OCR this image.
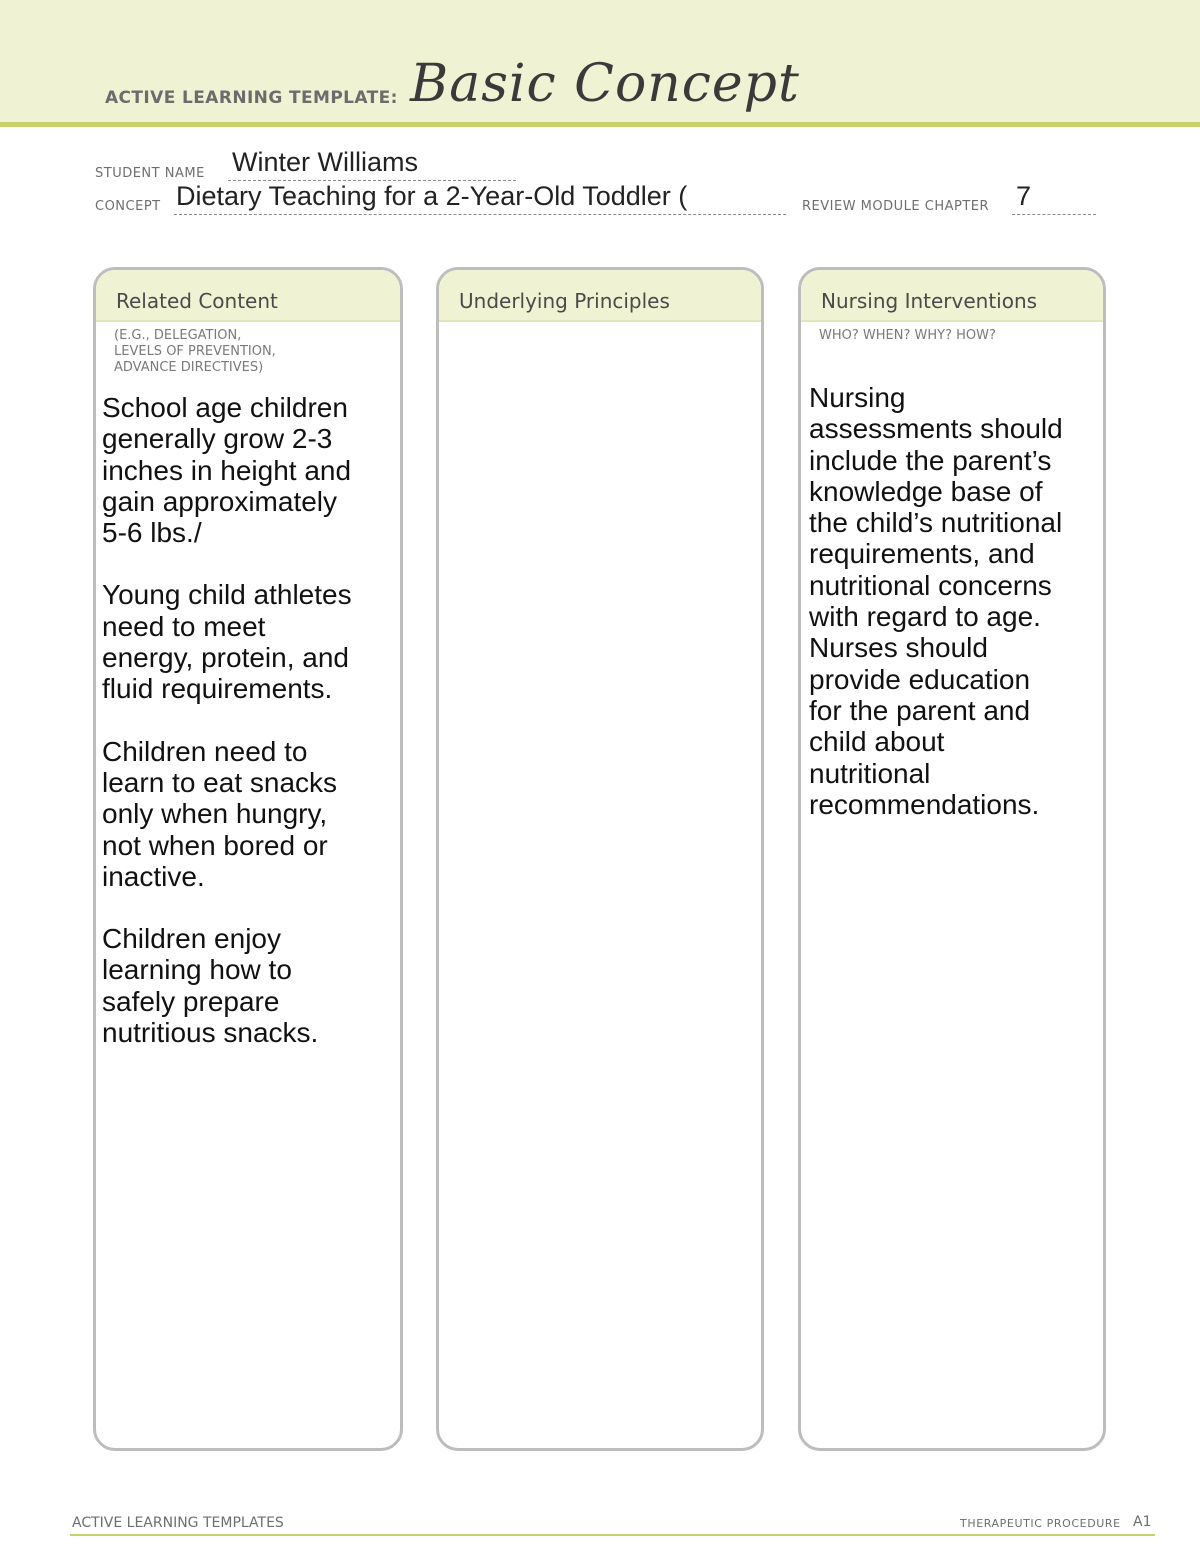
ACTIVE LEARNING TEMPLATE: Basic Concept
STUDENT NAME Winter Williams
CONCEPT Dietary Teaching for a 2-Year-Old Toddler (	REVIEW MODULE CHAPTER 7
Related Content
(E.G., DELEGATION,
LEVELS OF PREVENTION,
ADVANCE DIRECTIVES)

School age children
generally grow 2-3
inches in height and
gain approximately
5-6 lbs./

Young child athletes
need to meet
energy, protein, and
fluid requirements.

Children need to
learn to eat snacks
only when hungry,
not when bored or
inactive.

Children enjoy
learning how to
safely prepare
nutritious snacks.

Underlying Principles	Nursing Interventions
WHO? WHEN? WHY? HOW?

Nursing
assessments should
include the parent’s
knowledge base of
the child’s nutritional
requirements, and
nutritional concerns
with regard to age.
Nurses should
provide education
for the parent and
child about
nutritional
recommendations.

ACTIVE LEARNING TEMPLATES	THERAPEUTIC PROCEDURE A1
